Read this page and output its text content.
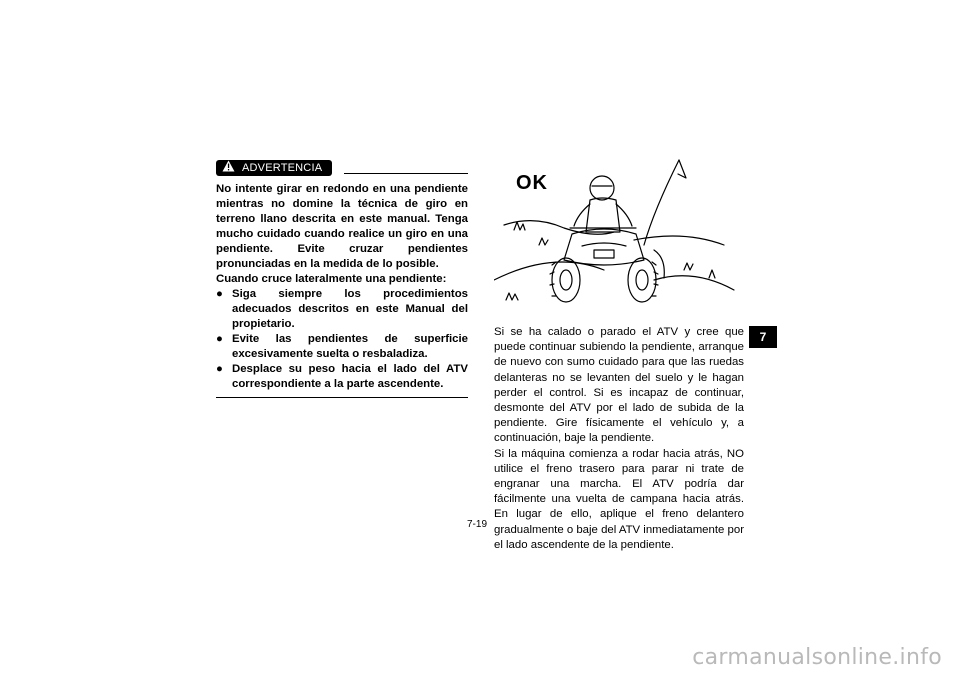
ADVERTENCIA

No intente girar en redondo en una pendiente mientras no domine la técnica de giro en terreno llano descrita en este manual. Tenga mucho cuidado cuando realice un giro en una pendiente. Evite cruzar pendientes pronunciadas en la medida de lo posible.

Cuando cruce lateralmente una pendiente:

● Siga siempre los procedimientos adecuados descritos en este Manual del propietario.
● Evite las pendientes de superficie excesivamente suelta o resbaladiza.
● Desplace su peso hacia el lado del ATV correspondiente a la parte ascendente.
OK

Si se ha calado o parado el ATV y cree que puede continuar subiendo la pendiente, arranque de nuevo con sumo cuidado para que las ruedas delanteras no se levanten del suelo y le hagan perder el control. Si es incapaz de continuar, desmonte del ATV por el lado de subida de la pendiente. Gire físicamente el vehículo y, a continuación, baje la pendiente.

Si la máquina comienza a rodar hacia atrás, NO utilice el freno trasero para parar ni trate de engranar una marcha. El ATV podría dar fácilmente una vuelta de campana hacia atrás. En lugar de ello, aplique el freno delantero gradualmente o baje del ATV inmediatamente por el lado ascendente de la pendiente.

7-19
7
carmanualsonline.info
